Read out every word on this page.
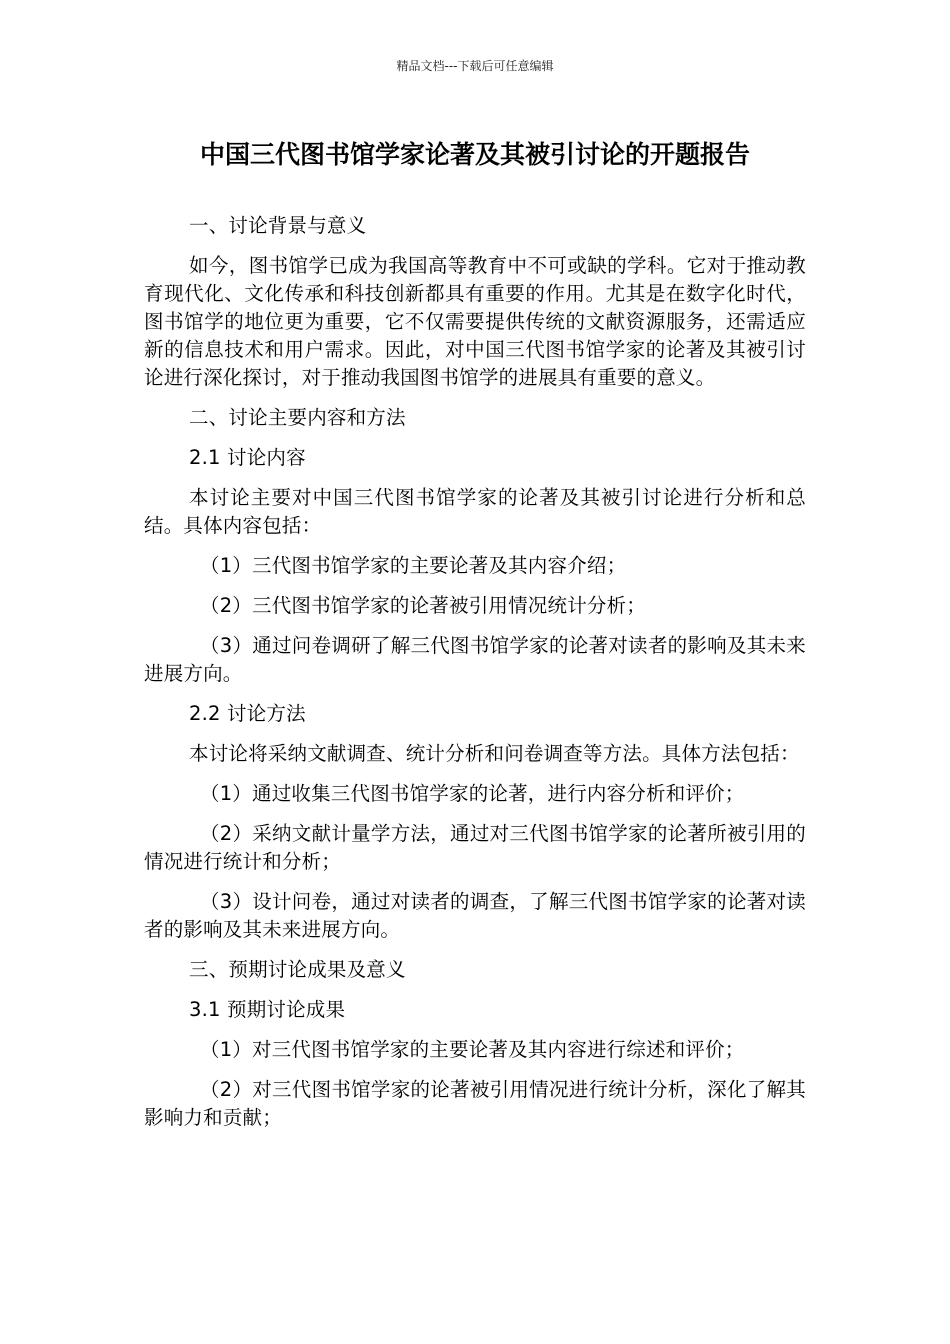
精品文档---下载后可任意编辑
中国三代图书馆学家论著及其被引讨论的开题报告

一、讨论背景与意义

如今，图书馆学已成为我国高等教育中不可或缺的学科。它对于推动教育现代化、文化传承和科技创新都具有重要的作用。尤其是在数字化时代，图书馆学的地位更为重要，它不仅需要提供传统的文献资源服务，还需适应新的信息技术和用户需求。因此，对中国三代图书馆学家的论著及其被引讨论进行深化探讨，对于推动我国图书馆学的进展具有重要的意义。

二、讨论主要内容和方法

2.1 讨论内容

本讨论主要对中国三代图书馆学家的论著及其被引讨论进行分析和总结。具体内容包括：

（1）三代图书馆学家的主要论著及其内容介绍；

（2）三代图书馆学家的论著被引用情况统计分析；

（3）通过问卷调研了解三代图书馆学家的论著对读者的影响及其未来进展方向。

2.2 讨论方法

本讨论将采纳文献调查、统计分析和问卷调查等方法。具体方法包括：

（1）通过收集三代图书馆学家的论著，进行内容分析和评价；

（2）采纳文献计量学方法，通过对三代图书馆学家的论著所被引用的情况进行统计和分析；

（3）设计问卷，通过对读者的调查，了解三代图书馆学家的论著对读者的影响及其未来进展方向。

三、预期讨论成果及意义

3.1 预期讨论成果

（1）对三代图书馆学家的主要论著及其内容进行综述和评价；

（2）对三代图书馆学家的论著被引用情况进行统计分析，深化了解其影响力和贡献；
